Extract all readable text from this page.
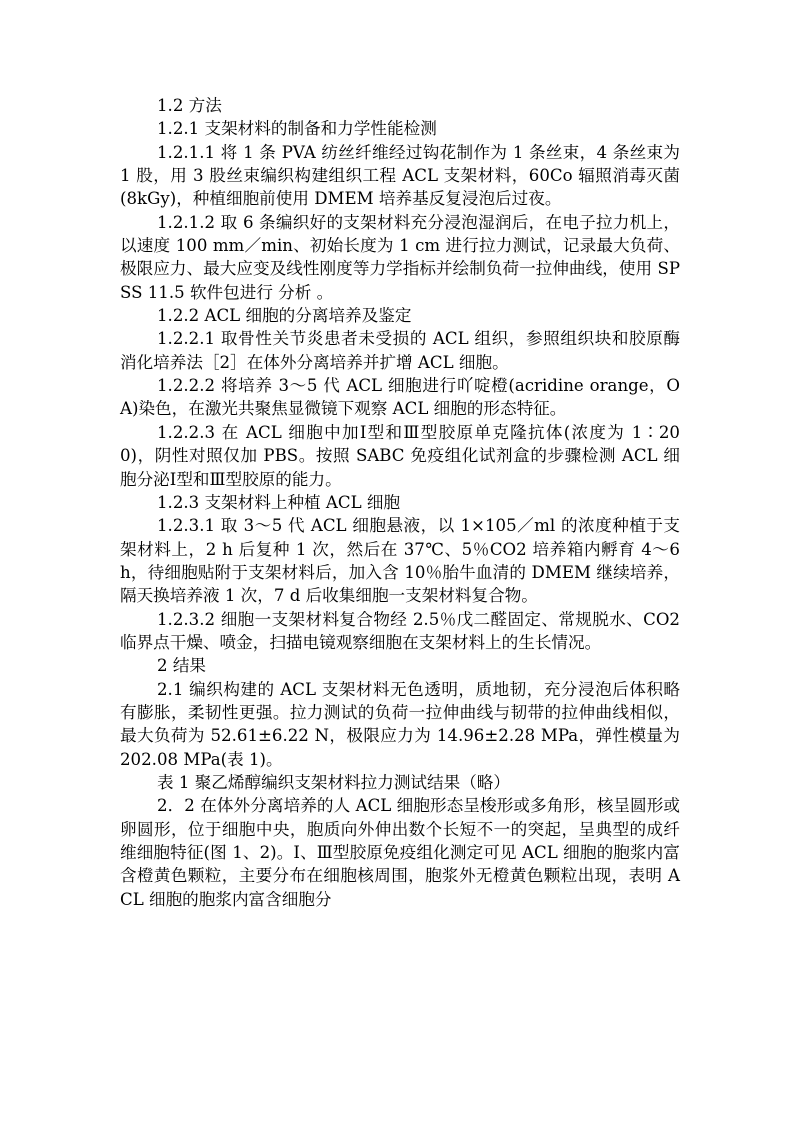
1.2 方法

1.2.1 支架材料的制备和力学性能检测

1.2.1.1 将 1 条 PVA 纺丝纤维经过钩花制作为 1 条丝束，4 条丝束为 1 股，用 3 股丝束编织构建组织工程 ACL 支架材料，60Co 辐照消毒灭菌(8kGy)，种植细胞前使用 DMEM 培养基反复浸泡后过夜。

1.2.1.2 取 6 条编织好的支架材料充分浸泡湿润后，在电子拉力机上，以速度 100 mm／min、初始长度为 1 cm 进行拉力测试，记录最大负荷、极限应力、最大应变及线性刚度等力学指标并绘制负荷一拉伸曲线，使用 SPSS 11.5 软件包进行 分析 。

1.2.2 ACL 细胞的分离培养及鉴定

1.2.2.1 取骨性关节炎患者未受损的 ACL 组织，参照组织块和胶原酶消化培养法［2］在体外分离培养并扩增 ACL 细胞。

1.2.2.2 将培养 3～5 代 ACL 细胞进行吖啶橙(acridine orange，OA)染色，在激光共聚焦显微镜下观察 ACL 细胞的形态特征。

1.2.2.3 在 ACL 细胞中加Ⅰ型和Ⅲ型胶原单克隆抗体(浓度为 1∶200)，阴性对照仅加 PBS。按照 SABC 免疫组化试剂盒的步骤检测 ACL 细胞分泌Ⅰ型和Ⅲ型胶原的能力。

1.2.3 支架材料上种植 ACL 细胞

1.2.3.1 取 3～5 代 ACL 细胞悬液，以 1×105／ml 的浓度种植于支架材料上，2 h 后复种 1 次，然后在 37℃、5％CO2 培养箱内孵育 4～6 h，待细胞贴附于支架材料后，加入含 10％胎牛血清的 DMEM 继续培养，隔天换培养液 1 次，7 d 后收集细胞一支架材料复合物。

1.2.3.2 细胞一支架材料复合物经 2.5％戊二醛固定、常规脱水、CO2 临界点干燥、喷金，扫描电镜观察细胞在支架材料上的生长情况。

2 结果

2.1 编织构建的 ACL 支架材料无色透明，质地韧，充分浸泡后体积略有膨胀，柔韧性更强。拉力测试的负荷一拉伸曲线与韧带的拉伸曲线相似，最大负荷为 52.61±6.22 N，极限应力为 14.96±2.28 MPa，弹性模量为 202.08 MPa(表 1)。

表 1 聚乙烯醇编织支架材料拉力测试结果（略）

2．2 在体外分离培养的人 ACL 细胞形态呈梭形或多角形，核呈圆形或卵圆形，位于细胞中央，胞质向外伸出数个长短不一的突起，呈典型的成纤维细胞特征(图 1、2)。Ⅰ、Ⅲ型胶原免疫组化测定可见 ACL 细胞的胞浆内富含橙黄色颗粒，主要分布在细胞核周围，胞浆外无橙黄色颗粒出现，表明 ACL 细胞的胞浆内富含细胞分
